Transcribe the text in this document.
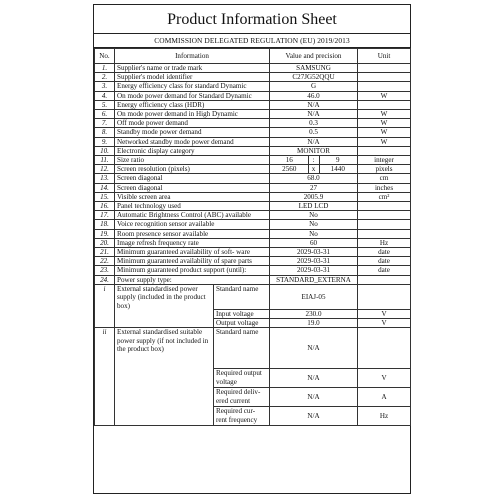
Product Information Sheet
COMMISSION DELEGATED REGULATION (EU) 2019/2013
No.	Information		Value and precision	Unit
1.	Supplier's name or trade mark		SAMSUNG	
2.	Supplier's model identifier		C27JG52QQU	
3.	Energy efficiency class for standard Dynamic		G	
4.	On mode power demand for Standard Dynamic		46.0	W
5.	Energy efficiency class (HDR)		N/A	
6.	On mode power demand in High Dynamic		N/A	W
7.	Off mode power demand		0.3	W
8.	Standby mode power demand		0.5	W
9.	Networked standby mode power demand		N/A	W
10.	Electronic display category		MONITOR	
11.	Size ratio		16 : 9	integer
12.	Screen resolution (pixels)		2560 x 1440	pixels
13.	Screen diagonal		68.0	cm
14.	Screen diagonal		27	inches
15.	Visible screen area		2005.9	cm²
16.	Panel technology used		LED LCD	
17.	Automatic Brightness Control (ABC) available		No	
18.	Voice recognition sensor available		No	
19.	Room presence sensor available		No	
20.	Image refresh frequency rate		60	Hz
21.	Minimum guaranteed availability of soft- ware		2029-03-31	date
22.	Minimum guaranteed availability of spare parts		2029-03-31	date
23.	Minimum guaranteed product support (until):		2029-03-31	date
24.	Power supply type:		STANDARD_EXTERNA	
i	External standardised power supply (included in the product box)	Standard name	EIAJ-05	
		Input voltage	230.0	V
		Output voltage	19.0	V
ii	External standardised suitable power supply (if not included in the product box)	Standard name	N/A	
		Required output voltage	N/A	V
		Required deliv- ered current	N/A	A
		Required cur- rent frequency	N/A	Hz
